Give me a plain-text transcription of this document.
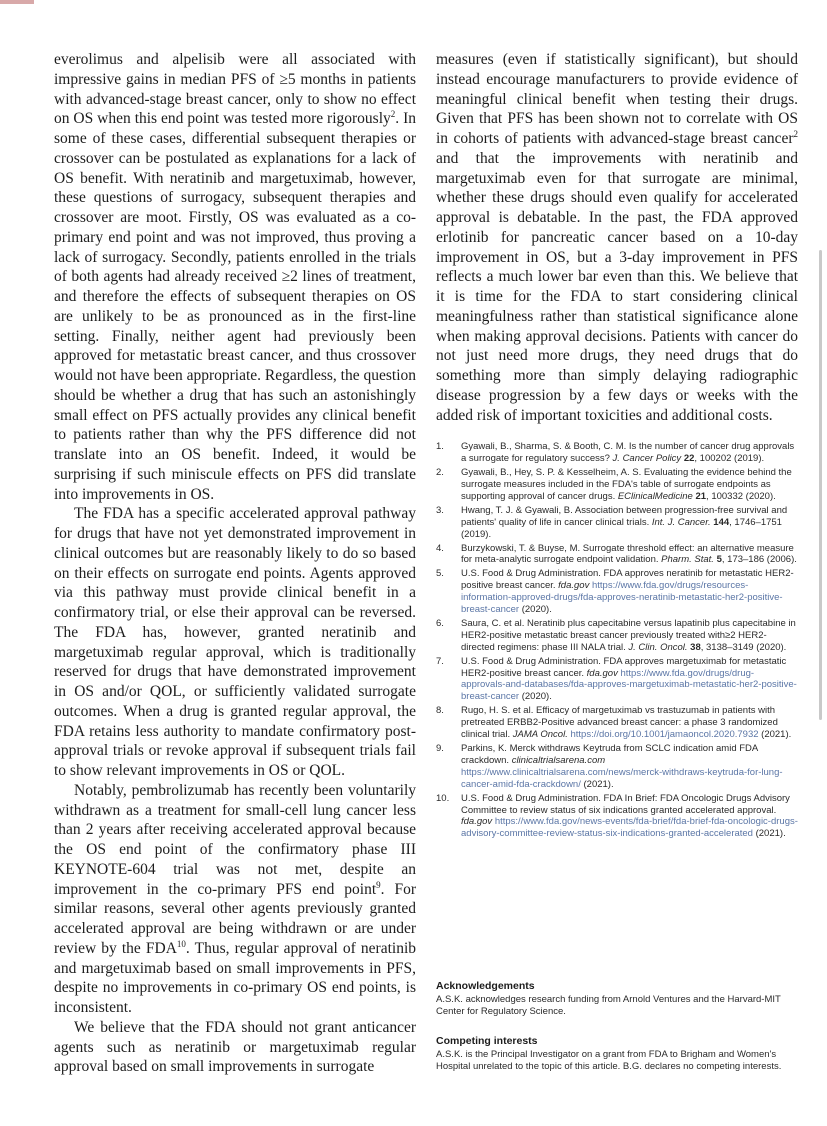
everolimus and alpelisib were all associated with impressive gains in median PFS of ≥5 months in patients with advanced-stage breast cancer, only to show no effect on OS when this end point was tested more rigorously$^2$. In some of these cases, differential subsequent therapies or crossover can be postulated as explanations for a lack of OS benefit. With neratinib and margetuximab, however, these questions of surrogacy, subsequent therapies and crossover are moot. Firstly, OS was evaluated as a co-primary end point and was not improved, thus proving a lack of surrogacy. Secondly, patients enrolled in the trials of both agents had already received ≥2 lines of treatment, and therefore the effects of subsequent therapies on OS are unlikely to be as pronounced as in the first-line setting. Finally, neither agent had previously been approved for metastatic breast cancer, and thus crossover would not have been appropriate. Regardless, the question should be whether a drug that has such an astonishingly small effect on PFS actually provides any clinical benefit to patients rather than why the PFS difference did not translate into an OS benefit. Indeed, it would be surprising if such miniscule effects on PFS did translate into improvements in OS.

The FDA has a specific accelerated approval pathway for drugs that have not yet demonstrated improvement in clinical outcomes but are reasonably likely to do so based on their effects on surrogate end points. Agents approved via this pathway must provide clinical benefit in a confirmatory trial, or else their approval can be reversed. The FDA has, however, granted neratinib and margetuximab regular approval, which is traditionally reserved for drugs that have demonstrated improvement in OS and/or QOL, or sufficiently validated surrogate outcomes. When a drug is granted regular approval, the FDA retains less authority to mandate confirmatory post-approval trials or revoke approval if subsequent trials fail to show relevant improvements in OS or QOL.

Notably, pembrolizumab has recently been voluntarily withdrawn as a treatment for small-cell lung cancer less than 2 years after receiving accelerated approval because the OS end point of the confirmatory phase III KEYNOTE-604 trial was not met, despite an improvement in the co-primary PFS end point$^9$. For similar reasons, several other agents previously granted accelerated approval are being withdrawn or are under review by the FDA$^{10}$. Thus, regular approval of neratinib and margetuximab based on small improvements in PFS, despite no improvements in co-primary OS end points, is inconsistent.

We believe that the FDA should not grant anticancer agents such as neratinib or margetuximab regular approval based on small improvements in surrogate

measures (even if statistically significant), but should instead encourage manufacturers to provide evidence of meaningful clinical benefit when testing their drugs. Given that PFS has been shown not to correlate with OS in cohorts of patients with advanced-stage breast cancer$^2$ and that the improvements with neratinib and margetuximab even for that surrogate are minimal, whether these drugs should even qualify for accelerated approval is debatable. In the past, the FDA approved erlotinib for pancreatic cancer based on a 10-day improvement in OS, but a 3-day improvement in PFS reflects a much lower bar even than this. We believe that it is time for the FDA to start considering clinical meaningfulness rather than statistical significance alone when making approval decisions. Patients with cancer do not just need more drugs, they need drugs that do something more than simply delaying radiographic disease progression by a few days or weeks with the added risk of important toxicities and additional costs.

1.	Gyawali, B., Sharma, S. & Booth, C. M. Is the number of cancer drug approvals a surrogate for regulatory success? J. Cancer Policy 22, 100202 (2019).
2.	Gyawali, B., Hey, S. P. & Kesselheim, A. S. Evaluating the evidence behind the surrogate measures included in the FDA's table of surrogate endpoints as supporting approval of cancer drugs. EClinicalMedicine 21, 100332 (2020).
3.	Hwang, T. J. & Gyawali, B. Association between progression-free survival and patients' quality of life in cancer clinical trials. Int. J. Cancer. 144, 1746–1751 (2019).
4.	Burzykowski, T. & Buyse, M. Surrogate threshold effect: an alternative measure for meta-analytic surrogate endpoint validation. Pharm. Stat. 5, 173–186 (2006).
5.	U.S. Food & Drug Administration. FDA approves neratinib for metastatic HER2-positive breast cancer. fda.gov https://www.fda.gov/drugs/resources-information-approved-drugs/fda-approves-neratinib-metastatic-her2-positive-breast-cancer (2020).
6.	Saura, C. et al. Neratinib plus capecitabine versus lapatinib plus capecitabine in HER2-positive metastatic breast cancer previously treated with≥2 HER2-directed regimens: phase III NALA trial. J. Clin. Oncol. 38, 3138–3149 (2020).
7.	U.S. Food & Drug Administration. FDA approves margetuximab for metastatic HER2-positive breast cancer. fda.gov https://www.fda.gov/drugs/drug-approvals-and-databases/fda-approves-margetuximab-metastatic-her2-positive-breast-cancer (2020).
8.	Rugo, H. S. et al. Efficacy of margetuximab vs trastuzumab in patients with pretreated ERBB2-Positive advanced breast cancer: a phase 3 randomized clinical trial. JAMA Oncol. https://doi.org/10.1001/jamaoncol.2020.7932 (2021).
9.	Parkins, K. Merck withdraws Keytruda from SCLC indication amid FDA crackdown. clinicaltrialsarena.com https://www.clinicaltrialsarena.com/news/merck-withdraws-keytruda-for-lung-cancer-amid-fda-crackdown/ (2021).
10.	U.S. Food & Drug Administration. FDA In Brief: FDA Oncologic Drugs Advisory Committee to review status of six indications granted accelerated approval. fda.gov https://www.fda.gov/news-events/fda-brief/fda-brief-fda-oncologic-drugs-advisory-committee-review-status-six-indications-granted-accelerated (2021).

Acknowledgements

A.S.K. acknowledges research funding from Arnold Ventures and the Harvard-MIT Center for Regulatory Science.

Competing interests

A.S.K. is the Principal Investigator on a grant from FDA to Brigham and Women's Hospital unrelated to the topic of this article. B.G. declares no competing interests.
